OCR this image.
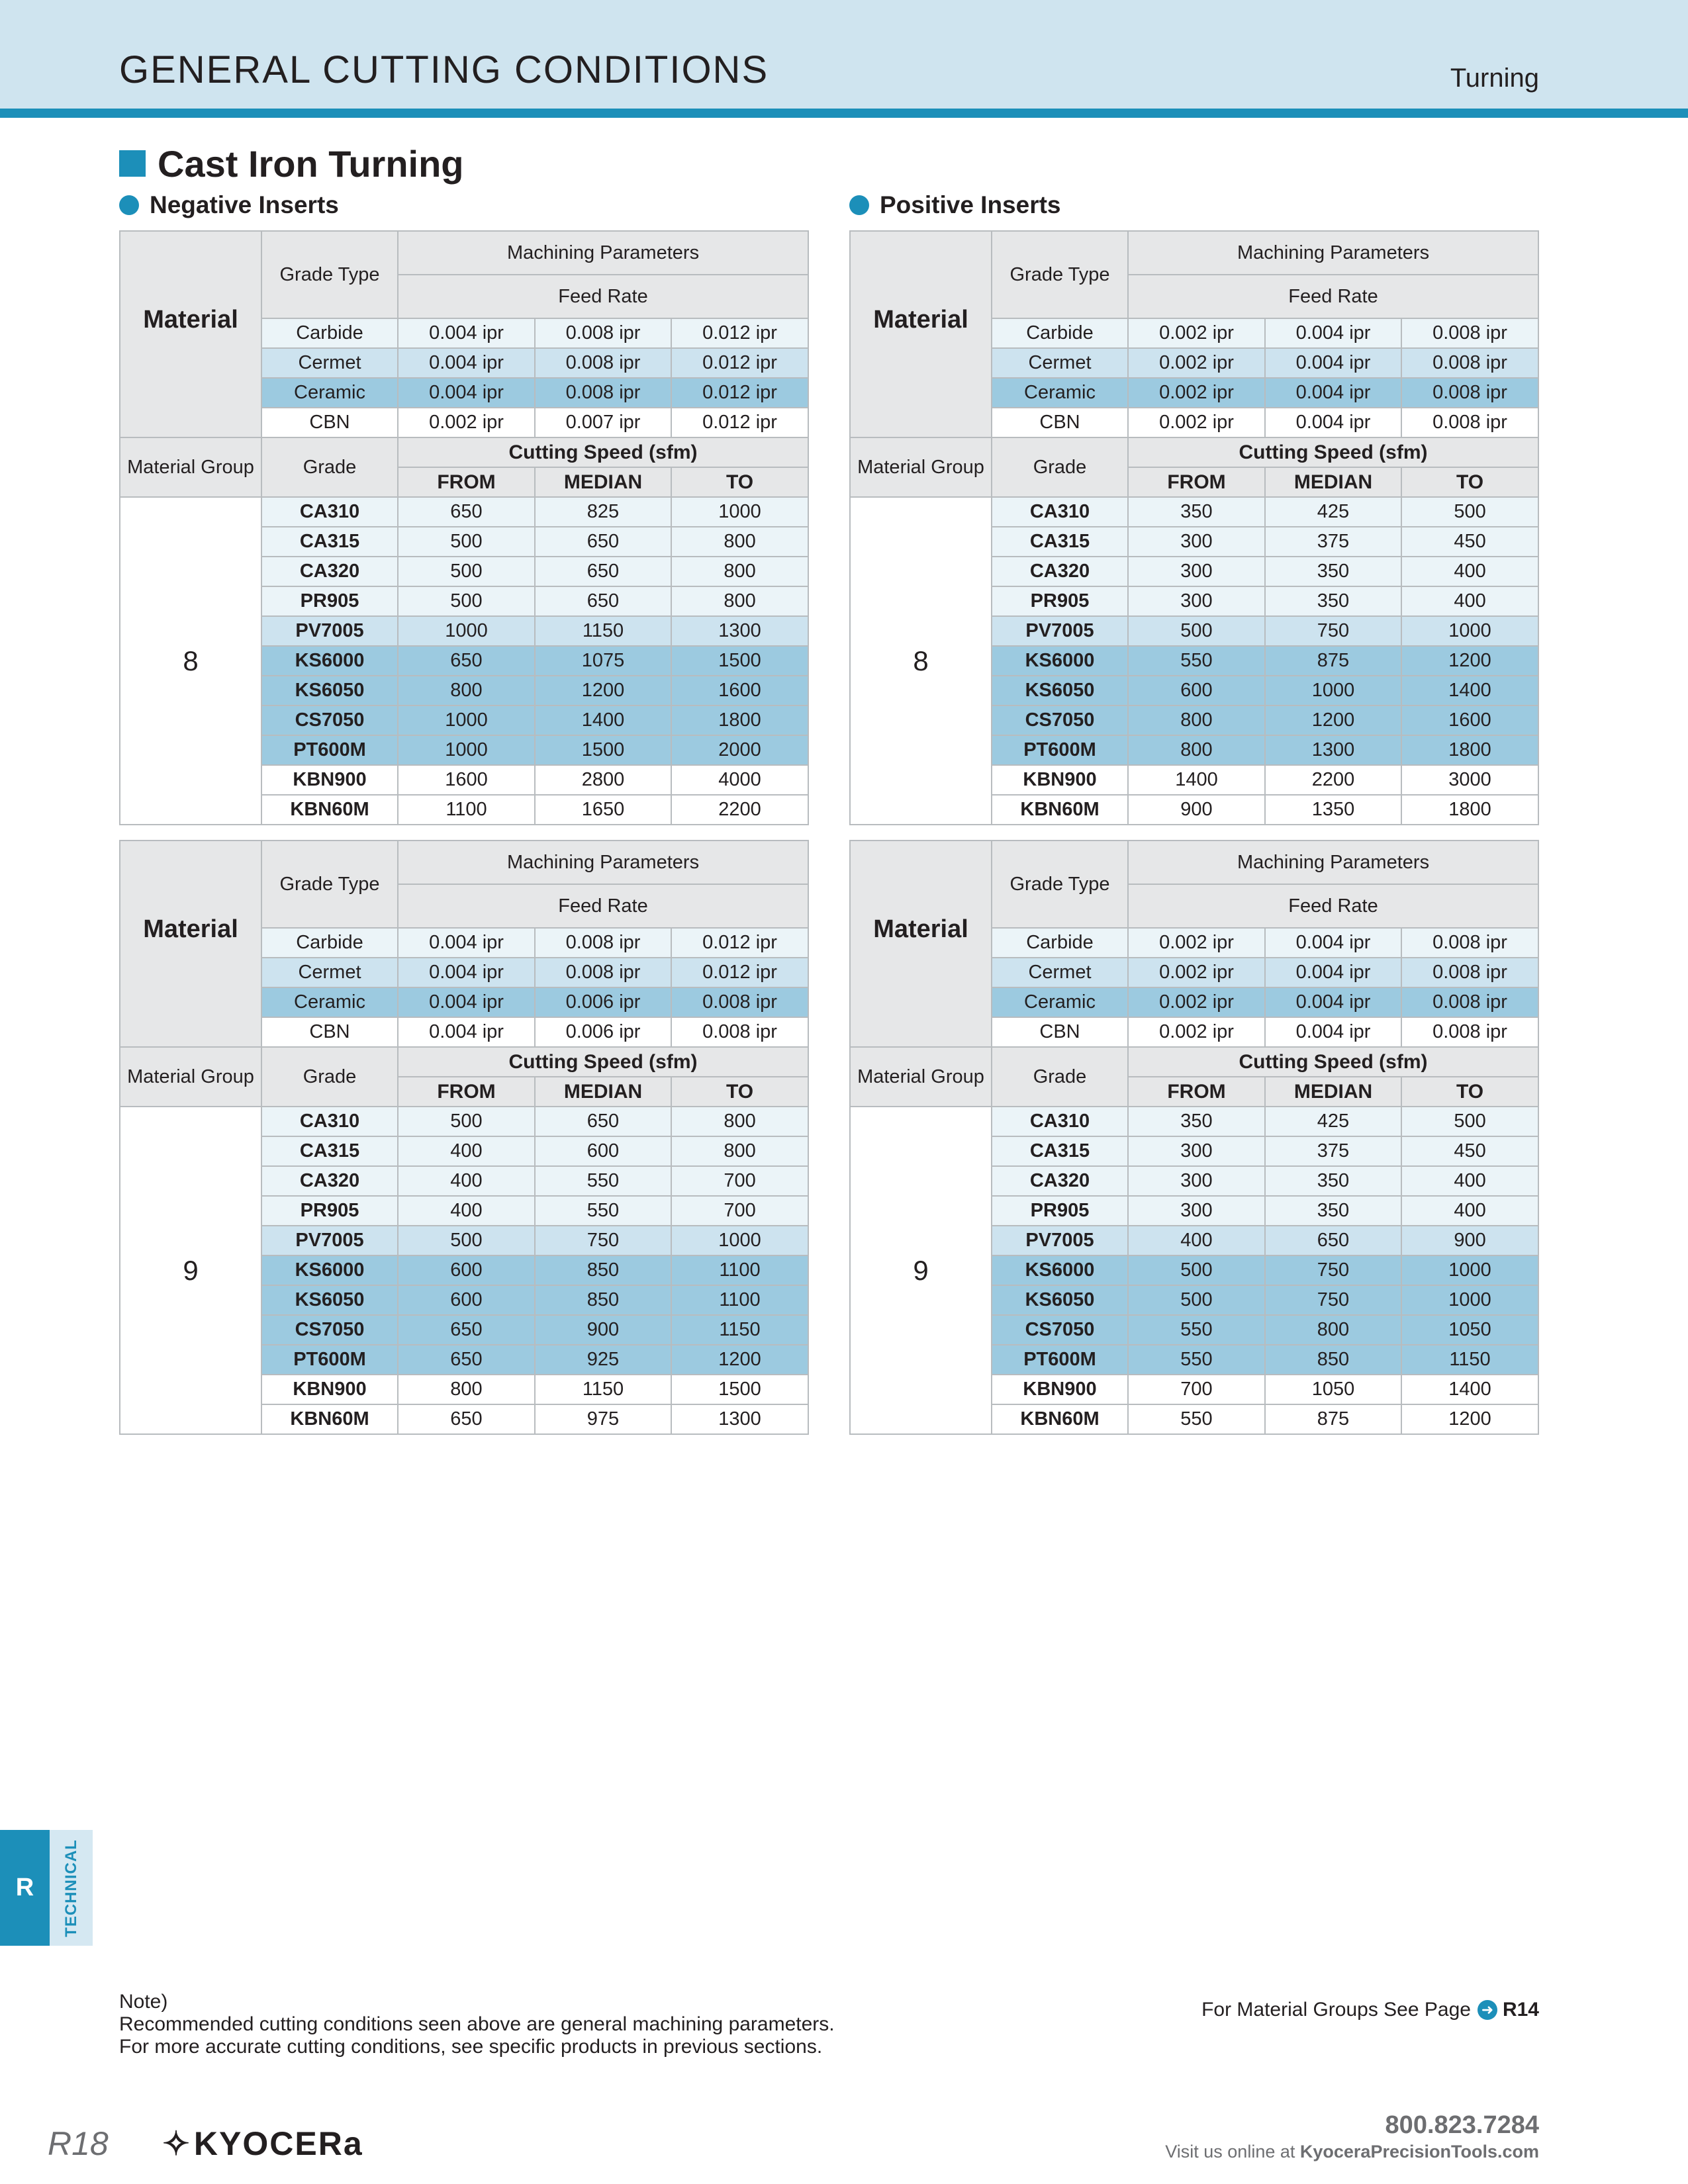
GENERAL CUTTING CONDITIONS	Turning
Cast Iron Turning
Negative Inserts	Positive Inserts
Material	Grade Type	Machining Parameters		
		Feed Rate		
	Carbide	0.004 ipr	0.008 ipr	0.012 ipr
	Cermet	0.004 ipr	0.008 ipr	0.012 ipr
	Ceramic	0.004 ipr	0.008 ipr	0.012 ipr
	CBN	0.002 ipr	0.007 ipr	0.012 ipr
Material Group	Grade	Cutting Speed (sfm)		
		FROM	MEDIAN	TO
8	CA310	650	825	1000
	CA315	500	650	800
	CA320	500	650	800
	PR905	500	650	800
	PV7005	1000	1150	1300
	KS6000	650	1075	1500
	KS6050	800	1200	1600
	CS7050	1000	1400	1800
	PT600M	1000	1500	2000
	KBN900	1600	2800	4000
	KBN60M	1100	1650	2200
Material	Grade Type	Machining Parameters		
		Feed Rate		
	Carbide	0.002 ipr	0.004 ipr	0.008 ipr
	Cermet	0.002 ipr	0.004 ipr	0.008 ipr
	Ceramic	0.002 ipr	0.004 ipr	0.008 ipr
	CBN	0.002 ipr	0.004 ipr	0.008 ipr
Material Group	Grade	Cutting Speed (sfm)		
		FROM	MEDIAN	TO
8	CA310	350	425	500
	CA315	300	375	450
	CA320	300	350	400
	PR905	300	350	400
	PV7005	500	750	1000
	KS6000	550	875	1200
	KS6050	600	1000	1400
	CS7050	800	1200	1600
	PT600M	800	1300	1800
	KBN900	1400	2200	3000
	KBN60M	900	1350	1800
Material	Grade Type	Machining Parameters		
		Feed Rate		
	Carbide	0.004 ipr	0.008 ipr	0.012 ipr
	Cermet	0.004 ipr	0.008 ipr	0.012 ipr
	Ceramic	0.004 ipr	0.006 ipr	0.008 ipr
	CBN	0.004 ipr	0.006 ipr	0.008 ipr
Material Group	Grade	Cutting Speed (sfm)		
		FROM	MEDIAN	TO
9	CA310	500	650	800
	CA315	400	600	800
	CA320	400	550	700
	PR905	400	550	700
	PV7005	500	750	1000
	KS6000	600	850	1100
	KS6050	600	850	1100
	CS7050	650	900	1150
	PT600M	650	925	1200
	KBN900	800	1150	1500
	KBN60M	650	975	1300
Material	Grade Type	Machining Parameters		
		Feed Rate		
	Carbide	0.002 ipr	0.004 ipr	0.008 ipr
	Cermet	0.002 ipr	0.004 ipr	0.008 ipr
	Ceramic	0.002 ipr	0.004 ipr	0.008 ipr
	CBN	0.002 ipr	0.004 ipr	0.008 ipr
Material Group	Grade	Cutting Speed (sfm)		
		FROM	MEDIAN	TO
9	CA310	350	425	500
	CA315	300	375	450
	CA320	300	350	400
	PR905	300	350	400
	PV7005	400	650	900
	KS6000	500	750	1000
	KS6050	500	750	1000
	CS7050	550	800	1050
	PT600M	550	850	1150
	KBN900	700	1050	1400
	KBN60M	550	875	1200
R	TECHNICAL
Note)
Recommended cutting conditions seen above are general machining parameters.
For more accurate cutting conditions, see specific products in previous sections.
For Material Groups See Page ➜ R14
R18 ✧ KYOCERa	800.823.7284
Visit us online at KyoceraPrecisionTools.com
